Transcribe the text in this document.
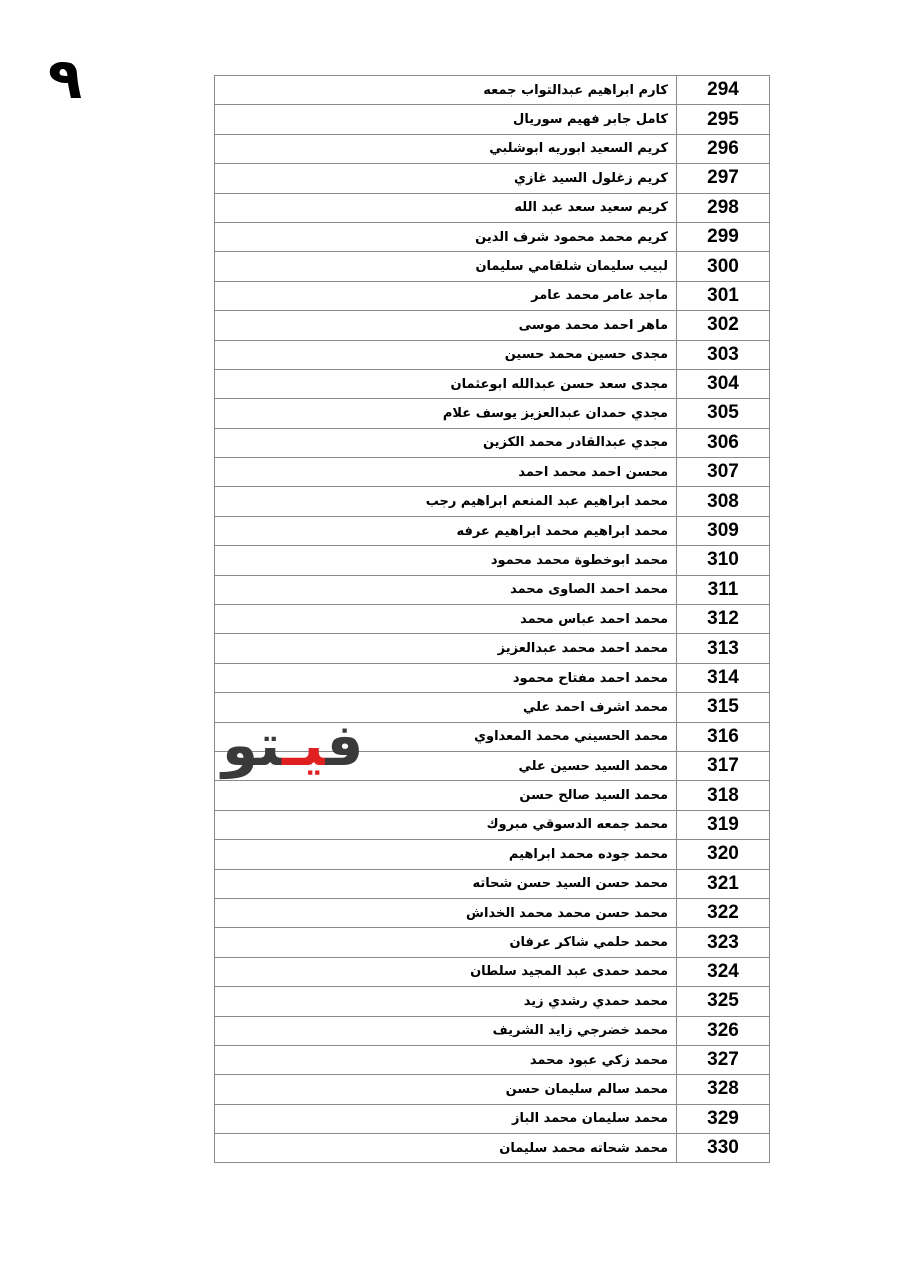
٩	كارم ابراهيم عبدالتواب جمعه	294
كامل جابر فهيم سوريال	295
كريم السعيد ابوريه ابوشلبي	296
كريم زغلول السيد غازي	297
كريم سعيد سعد عبد الله	298
كريم محمد محمود شرف الدين	299
لبيب سليمان شلقامي سليمان	300
ماجد عامر محمد عامر	301
ماهر احمد محمد موسى	302
مجدى حسين محمد حسين	303
مجدى سعد حسن عبدالله ابوعثمان	304
مجدي حمدان عبدالعزيز يوسف علام	305
مجدي عبدالقادر محمد الكزين	306
محسن احمد محمد احمد	307
محمد ابراهيم عبد المنعم ابراهيم رجب	308
محمد ابراهيم محمد ابراهيم عرفه	309
محمد ابوخطوة محمد محمود	310
محمد احمد الصاوى محمد	311
محمد احمد عباس محمد	312
محمد احمد محمد عبدالعزيز	313
محمد احمد مفتاح محمود	314
محمد اشرف احمد علي	315
محمد الحسيني محمد المعداوي	316
محمد السيد حسين علي	317
محمد السيد صالح حسن	318
محمد جمعه الدسوقي مبروك	319
محمد جوده محمد ابراهيم	320
محمد حسن السيد حسن شحاته	321
محمد حسن محمد محمد الخداش	322
محمد حلمي شاكر عرفان	323
محمد حمدى عبد المجيد سلطان	324
محمد حمدي رشدي زيد	325
محمد خضرجي زايد الشريف	326
محمد زكي عبود محمد	327
محمد سالم سليمان حسن	328
محمد سليمان محمد الباز	329
محمد شحاته محمد سليمان	330
فيـتو
